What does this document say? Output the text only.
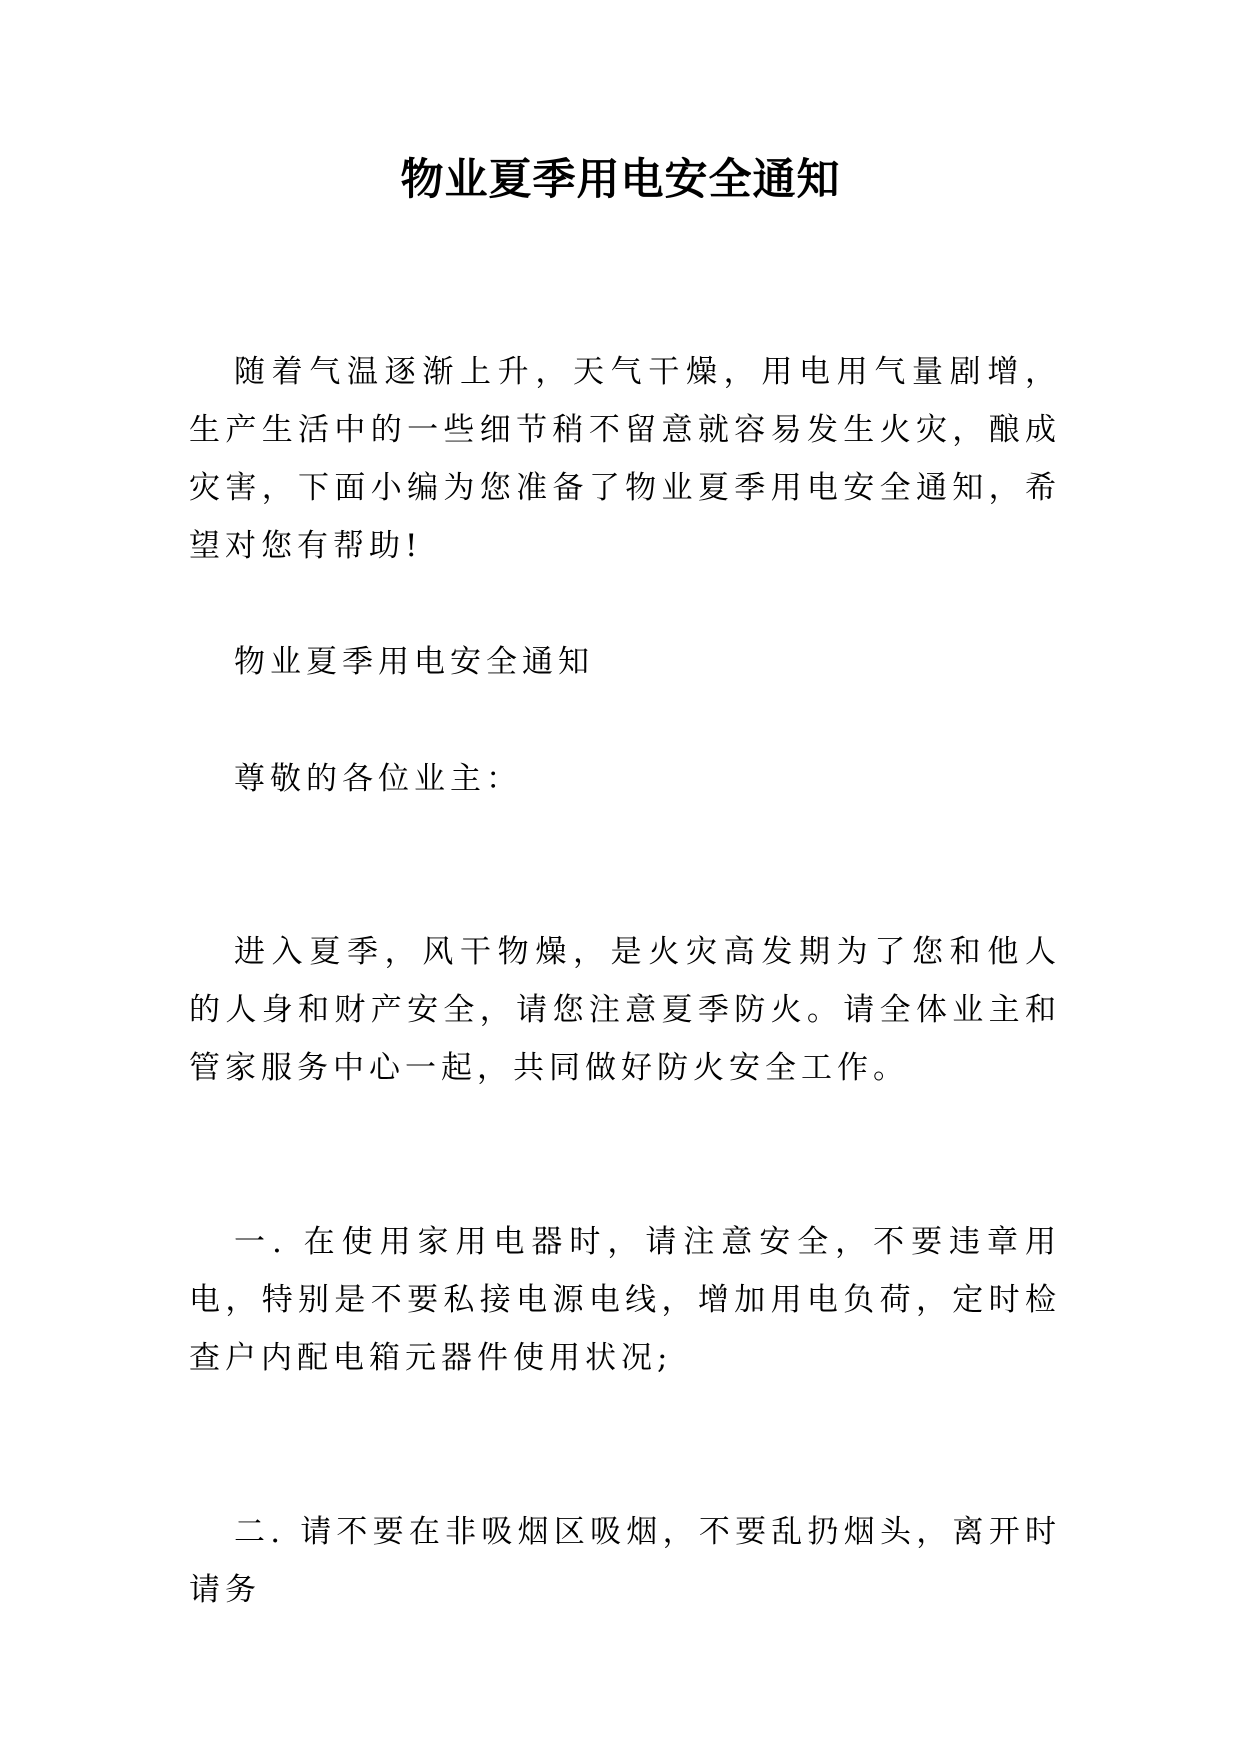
物业夏季用电安全通知

随着气温逐渐上升，天气干燥，用电用气量剧增，生产生活中的一些细节稍不留意就容易发生火灾，酿成灾害，下面小编为您准备了物业夏季用电安全通知，希望对您有帮助!

物业夏季用电安全通知

尊敬的各位业主：

进入夏季，风干物燥，是火灾高发期为了您和他人的人身和财产安全，请您注意夏季防火。请全体业主和管家服务中心一起，共同做好防火安全工作。

一. 在使用家用电器时，请注意安全，不要违章用电，特别是不要私接电源电线，增加用电负荷，定时检查户内配电箱元器件使用状况;

二. 请不要在非吸烟区吸烟，不要乱扔烟头，离开时请务
